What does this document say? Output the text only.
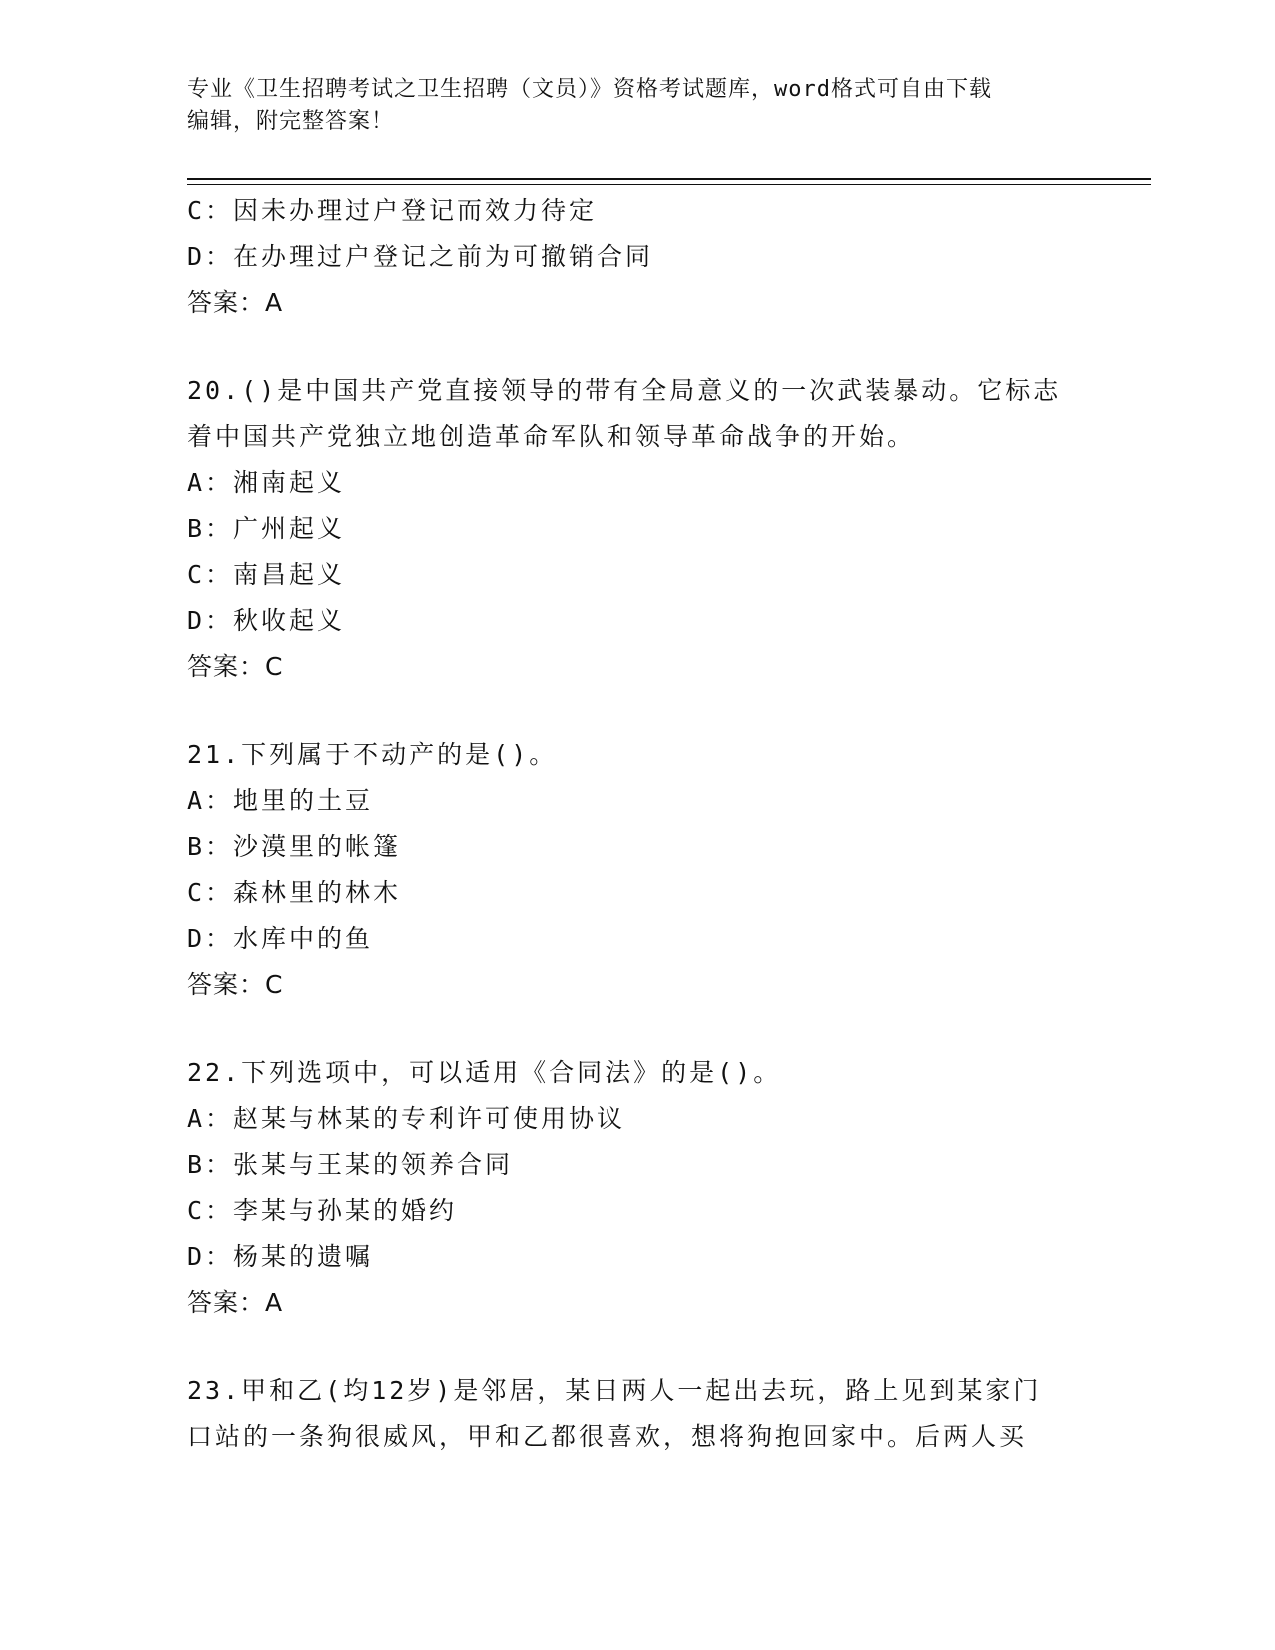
专业《卫生招聘考试之卫生招聘（文员）》资格考试题库，word格式可自由下载
编辑，附完整答案！
C：因未办理过户登记而效力待定
D：在办理过户登记之前为可撤销合同
答案：A
20.()是中国共产党直接领导的带有全局意义的一次武装暴动。它标志
着中国共产党独立地创造革命军队和领导革命战争的开始。
A：湘南起义
B：广州起义
C：南昌起义
D：秋收起义
答案：C
21.下列属于不动产的是()。
A：地里的土豆
B：沙漠里的帐篷
C：森林里的林木
D：水库中的鱼
答案：C
22.下列选项中，可以适用《合同法》的是()。
A：赵某与林某的专利许可使用协议
B：张某与王某的领养合同
C：李某与孙某的婚约
D：杨某的遗嘱
答案：A
23.甲和乙(均12岁)是邻居，某日两人一起出去玩，路上见到某家门
口站的一条狗很威风，甲和乙都很喜欢，想将狗抱回家中。后两人买
